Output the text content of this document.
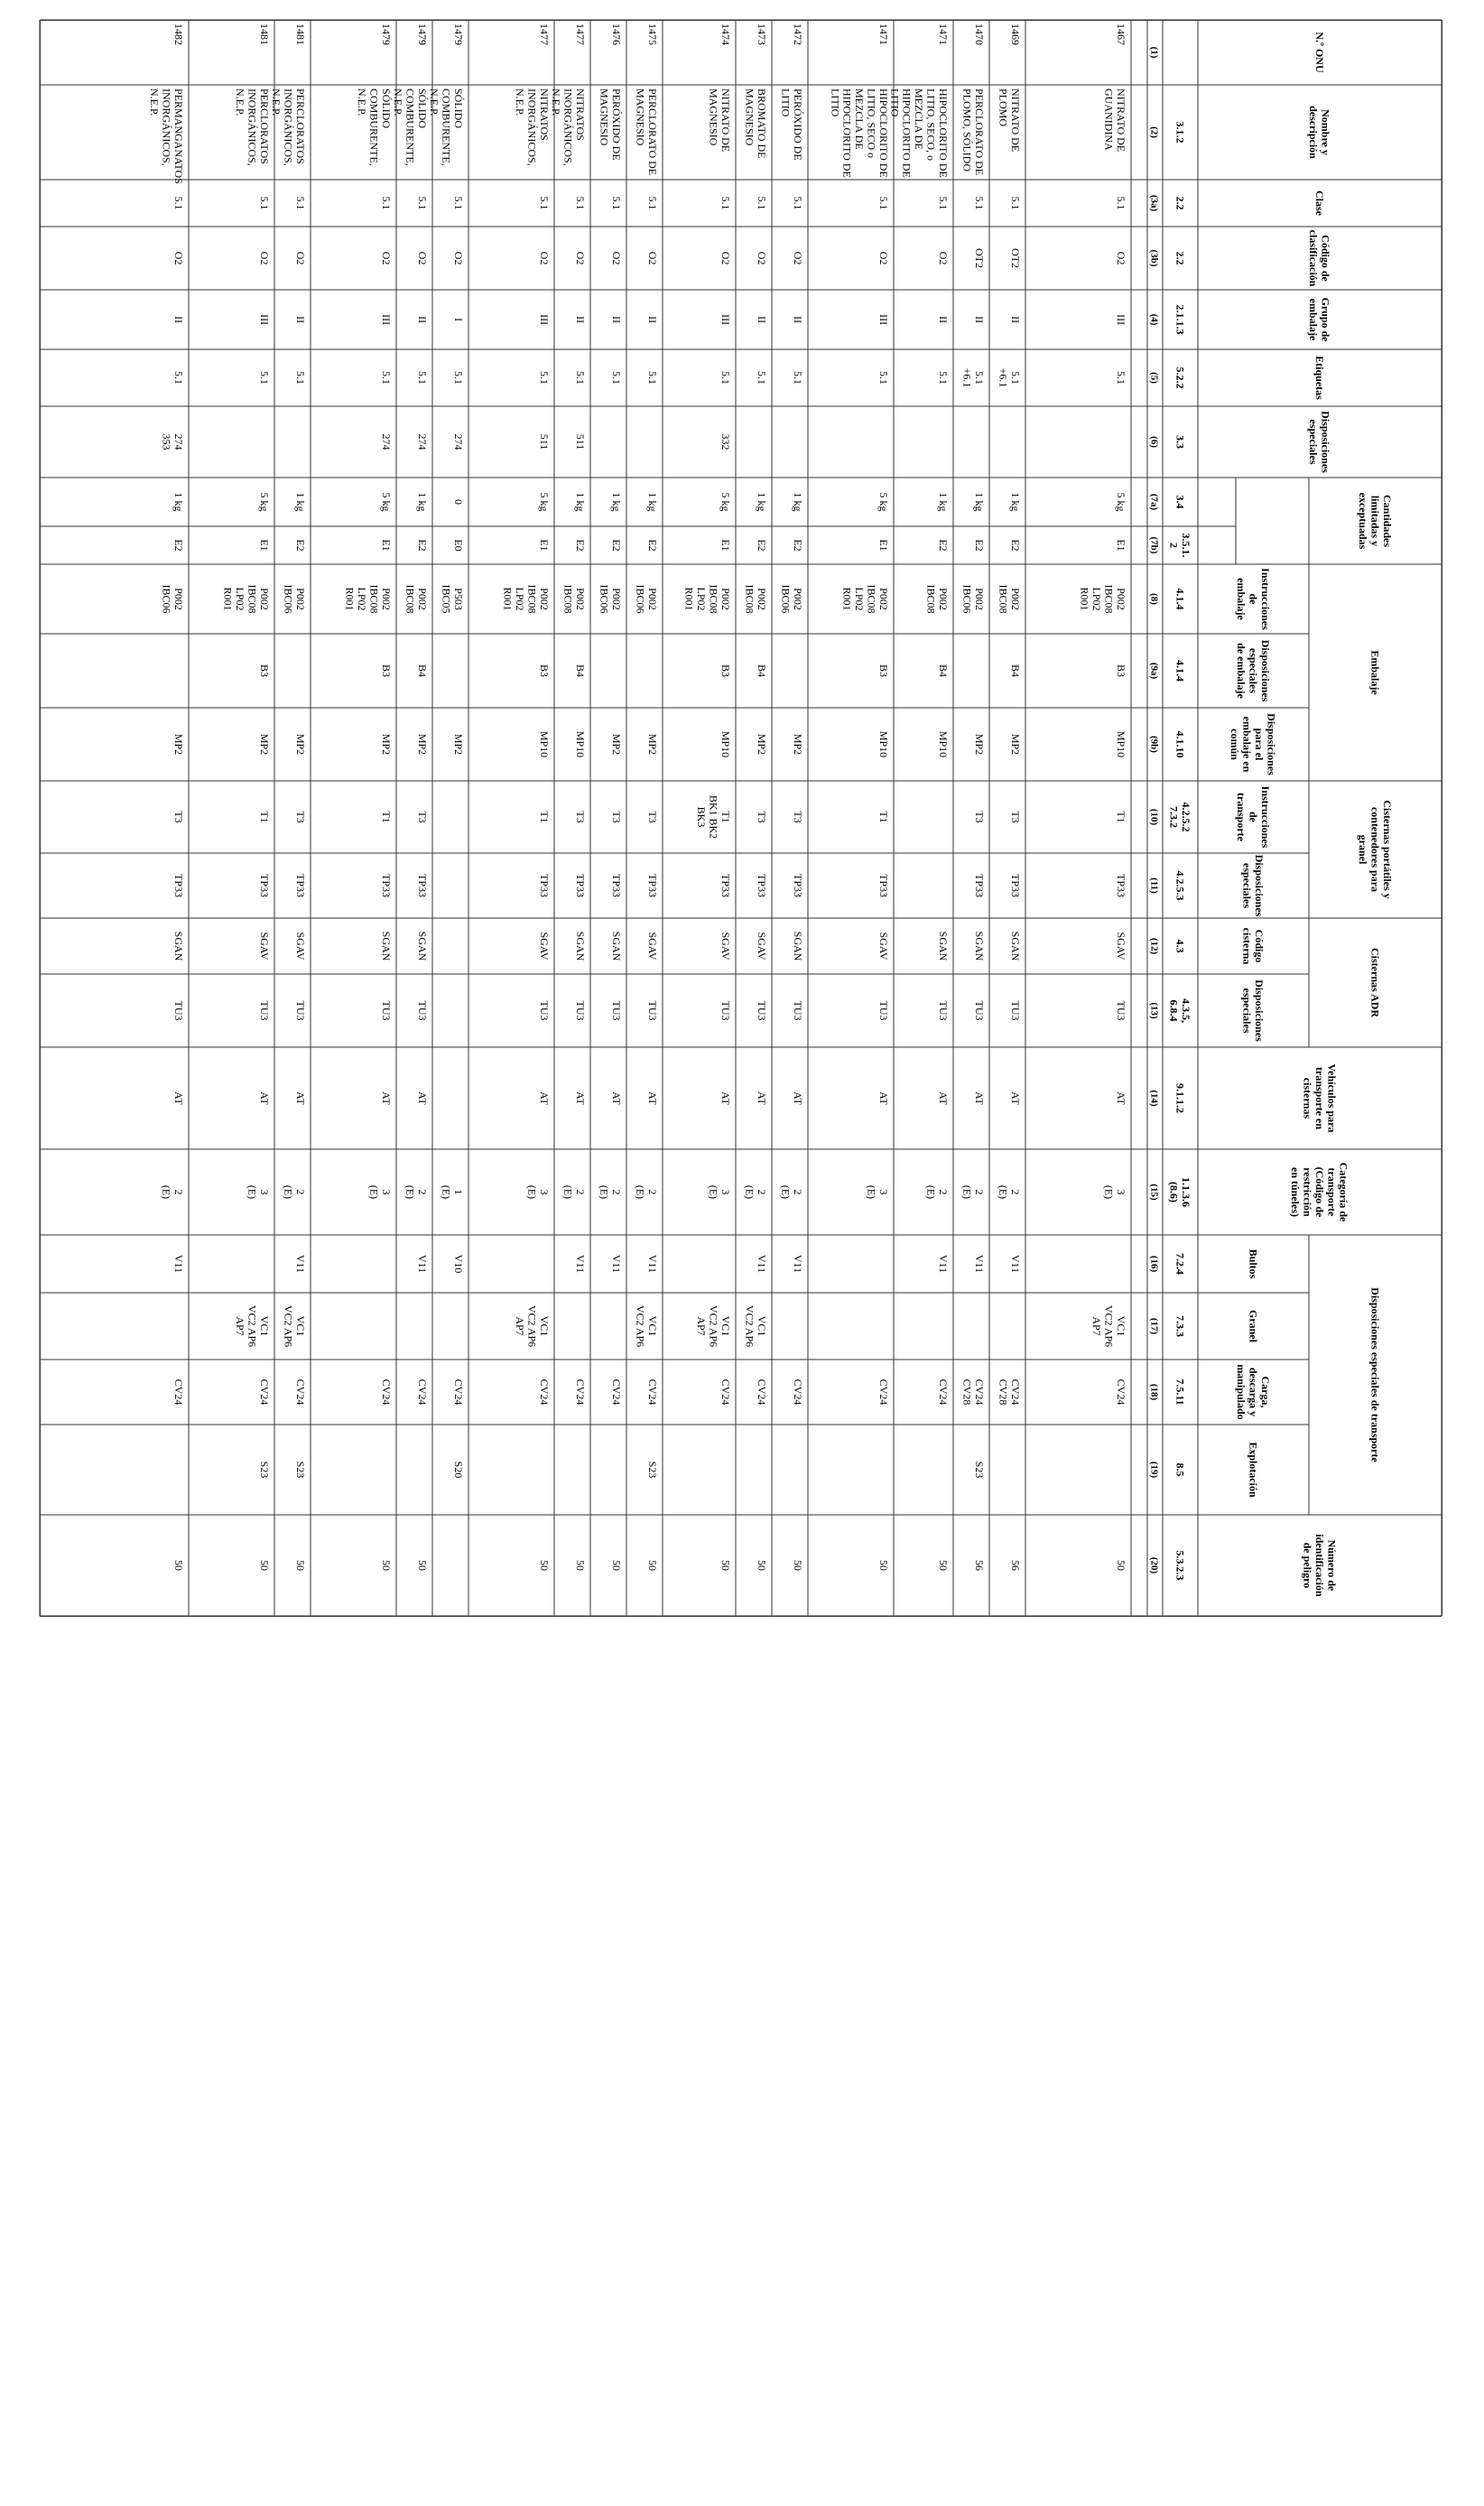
N.º ONU
Nombre ydescripción
Clase
Código declasificación
Grupo deembalaje
Etiquetas
Disposicionesespeciales
Cantidadeslimitadas yexceptuadas
Embalaje
Instruccionesdeembalaje
Disposicionesespecialesde embalaje
Disposicionespara elembalaje encomún
Cisternas portátiles ycontenedores paragranel
Instruccionesdetransporte
Disposicionesespeciales
Cisternas ADR
Códigocisterna
Disposicionesespeciales
Vehículos paratransporte encisternas
Categoría detransporte(Código derestricciónen túneles)
Disposiciones especiales de transporte
Bultos
Granel
Carga,descarga ymanipulado
Explotación
Número deidentificaciónde peligro
3.1.2
2.2
2.2
2.1.1.3
5.2.2
3.3
3.4
3.5.1.2
4.1.4
4.1.4
4.1.10
4.2.5.27.3.2
4.2.5.3
4.3
4.3.5,6.8.4
9.1.1.2
1.1.3.6(8.6)
7.2.4
7.3.3
7.5.11
8.5
5.3.2.3
(1)
(2)
(3a)
(3b)
(4)
(5)
(6)
(7a)
(7b)
(8)
(9a)
(9b)
(10)
(11)
(12)
(13)
(14)
(15)
(16)
(17)
(18)
(19)
(20)
1467
NITRATO DEGUANIDINA
5.1
O2
III
5.1
5 kg
E1
P002IBC08LP02R001
B3
MP10
T1
TP33
SGAV
TU3
AT
3(E)
VC1VC2 AP6AP7
CV24
50
1469
NITRATO DEPLOMO
5.1
OT2
II
5.1+6.1
1 kg
E2
P002IBC08
B4
MP2
T3
TP33
SGAN
TU3
AT
2(E)
V11
CV24CV28
56
1470
PERCLORATO DEPLOMO, SÓLIDO
5.1
OT2
II
5.1+6.1
1 kg
E2
P002IBC06
MP2
T3
TP33
SGAN
TU3
AT
2(E)
V11
CV24CV28
S23
56
1471
HIPOCLORITO DELITIO, SECO, oMEZCLA DEHIPOCLORITO DELITIO
5.1
O2
II
5.1
1 kg
E2
P002IBC08
B4
MP10
SGAN
TU3
AT
2(E)
V11
CV24
50
1471
HIPOCLORITO DELITIO, SECO oMEZCLA DEHIPOCLORITO DELITIO
5.1
O2
III
5.1
5 kg
E1
P002IBC08LP02R001
B3
MP10
T1
TP33
SGAV
TU3
AT
3(E)
CV24
50
1472
PERÓXIDO DELITIO
5.1
O2
II
5.1
1 kg
E2
P002IBC06
MP2
T3
TP33
SGAN
TU3
AT
2(E)
V11
CV24
50
1473
BROMATO DEMAGNESIO
5.1
O2
II
5.1
1 kg
E2
P002IBC08
B4
MP2
T3
TP33
SGAV
TU3
AT
2(E)
V11
VC1VC2 AP6
CV24
50
1474
NITRATO DEMAGNESIO
5.1
O2
III
5.1
332
5 kg
E1
P002IBC08LP02R001
B3
MP10
T1BK1 BK2BK3
TP33
SGAV
TU3
AT
3(E)
VC1VC2 AP6AP7
CV24
50
1475
PERCLORATO DEMAGNESIO
5.1
O2
II
5.1
1 kg
E2
P002IBC06
MP2
T3
TP33
SGAV
TU3
AT
2(E)
V11
VC1VC2 AP6
CV24
S23
50
1476
PERÓXIDO DEMAGNESIO
5.1
O2
II
5.1
1 kg
E2
P002IBC06
MP2
T3
TP33
SGAN
TU3
AT
2(E)
V11
CV24
50
1477
NITRATOSINORGÁNICOS,N.E.P.
5.1
O2
II
5.1
511
1 kg
E2
P002IBC08
B4
MP10
T3
TP33
SGAN
TU3
AT
2(E)
V11
CV24
50
1477
NITRATOSINORGÁNICOS,N.E.P.
5.1
O2
III
5.1
511
5 kg
E1
P002IBC08LP02R001
B3
MP10
T1
TP33
SGAV
TU3
AT
3(E)
VC1VC2 AP6AP7
CV24
50
1479
SÓLIDOCOMBURENTE,N.E.P.
5.1
O2
I
5.1
274
0
E0
P503IBC05
MP2
1(E)
V10
CV24
S20
1479
SÓLIDOCOMBURENTE,N.E.P.
5.1
O2
II
5.1
274
1 kg
E2
P002IBC08
B4
MP2
T3
TP33
SGAN
TU3
AT
2(E)
V11
CV24
50
1479
SÓLIDOCOMBURENTE,N.E.P.
5.1
O2
III
5.1
274
5 kg
E1
P002IBC08LP02R001
B3
MP2
T1
TP33
SGAN
TU3
AT
3(E)
CV24
50
1481
PERCLORATOSINORGÁNICOS,N.E.P.
5.1
O2
II
5.1
1 kg
E2
P002IBC06
MP2
T3
TP33
SGAV
TU3
AT
2(E)
V11
VC1VC2 AP6
CV24
S23
50
1481
PERCLORATOSINORGÁNICOS,N.E.P.
5.1
O2
III
5.1
5 kg
E1
P002IBC08LP02R001
B3
MP2
T1
TP33
SGAV
TU3
AT
3(E)
VC1VC2 AP6AP7
CV24
S23
50
1482
PERMANGANATOSINORGÁNICOS,N.E.P.
5.1
O2
II
5.1
274353
1 kg
E2
P002IBC06
MP2
T3
TP33
SGAN
TU3
AT
2(E)
V11
CV24
50
